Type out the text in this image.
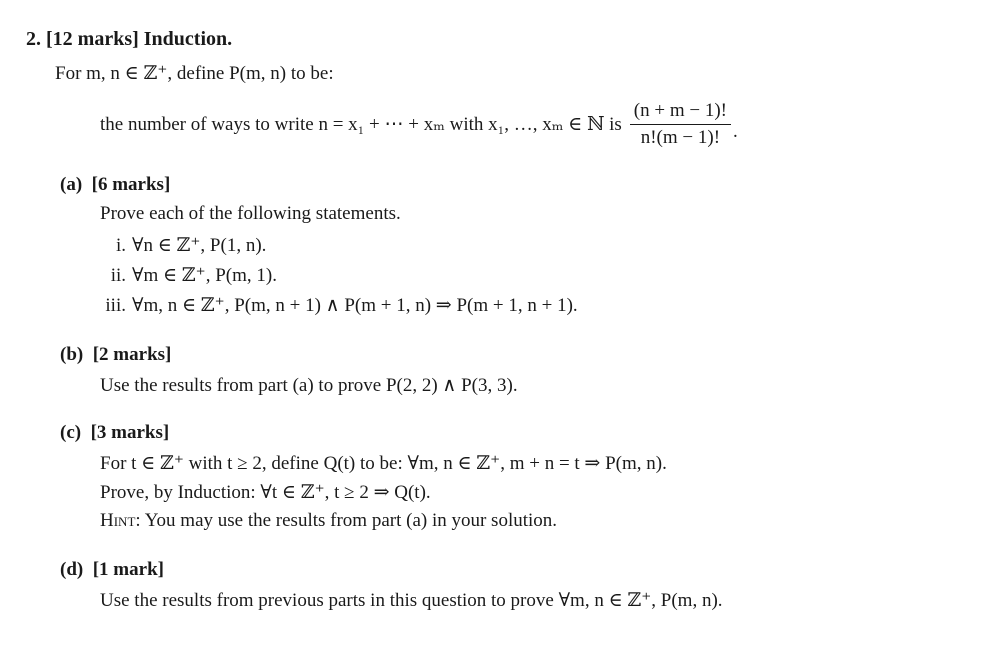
2. [12 marks] Induction.
For m, n ∈ ℤ⁺, define P(m, n) to be:
the number of ways to write n = x₁ + ⋯ + xₘ with x₁, …, xₘ ∈ ℕ is $\frac{(n + m - 1)!}{n!(m - 1)!}$ .
(a) [6 marks]
Prove each of the following statements.
i. ∀n ∈ ℤ⁺, P(1, n).
ii. ∀m ∈ ℤ⁺, P(m, 1).
iii. ∀m, n ∈ ℤ⁺, P(m, n + 1) ∧ P(m + 1, n) ⇒ P(m + 1, n + 1).
(b) [2 marks]
Use the results from part (a) to prove P(2, 2) ∧ P(3, 3).
(c) [3 marks]
For t ∈ ℤ⁺ with t ≥ 2, define Q(t) to be: ∀m, n ∈ ℤ⁺, m + n = t ⇒ P(m, n).
Prove, by Induction: ∀t ∈ ℤ⁺, t ≥ 2 ⇒ Q(t).
Hint: You may use the results from part (a) in your solution.
(d) [1 mark]
Use the results from previous parts in this question to prove ∀m, n ∈ ℤ⁺, P(m, n).
